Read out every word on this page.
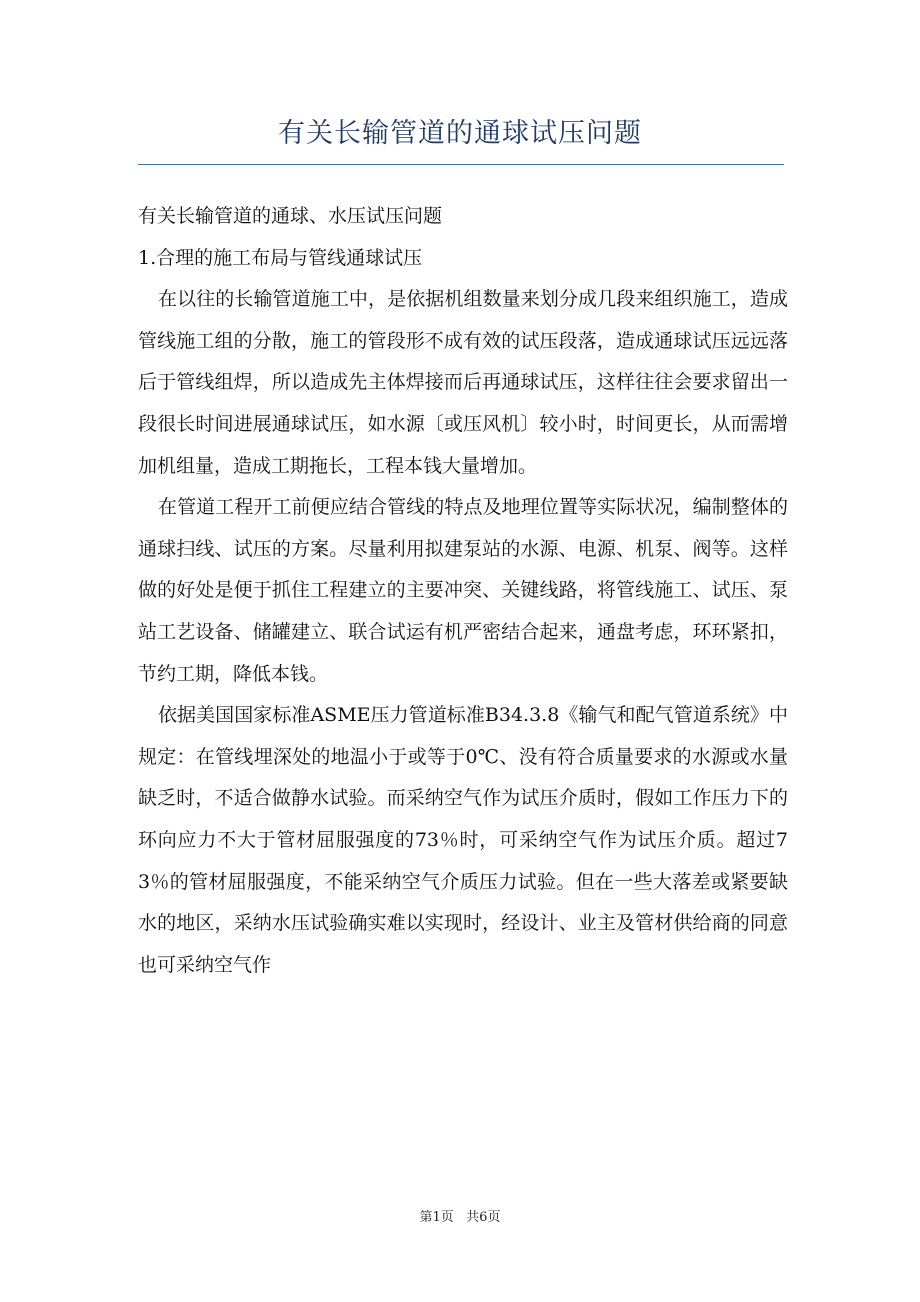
有关长输管道的通球试压问题

有关长输管道的通球、水压试压问题

1.合理的施工布局与管线通球试压

在以往的长输管道施工中，是依据机组数量来划分成几段来组织施工，造成管线施工组的分散，施工的管段形不成有效的试压段落，造成通球试压远远落后于管线组焊，所以造成先主体焊接而后再通球试压，这样往往会要求留出一段很长时间进展通球试压，如水源〔或压风机〕较小时，时间更长，从而需增加机组量，造成工期拖长，工程本钱大量增加。

在管道工程开工前便应结合管线的特点及地理位置等实际状况，编制整体的通球扫线、试压的方案。尽量利用拟建泵站的水源、电源、机泵、阀等。这样做的好处是便于抓住工程建立的主要冲突、关键线路，将管线施工、试压、泵站工艺设备、储罐建立、联合试运有机严密结合起来，通盘考虑，环环紧扣，节约工期，降低本钱。

依据美国国家标准ASME压力管道标准B34.3.8《输气和配气管道系统》中规定：在管线埋深处的地温小于或等于0℃、没有符合质量要求的水源或水量缺乏时，不适合做静水试验。而采纳空气作为试压介质时，假如工作压力下的环向应力不大于管材屈服强度的73％时，可采纳空气作为试压介质。超过73％的管材屈服强度，不能采纳空气介质压力试验。但在一些大落差或紧要缺水的地区，采纳水压试验确实难以实现时，经设计、业主及管材供给商的同意也可采纳空气作

第1页   共6页
